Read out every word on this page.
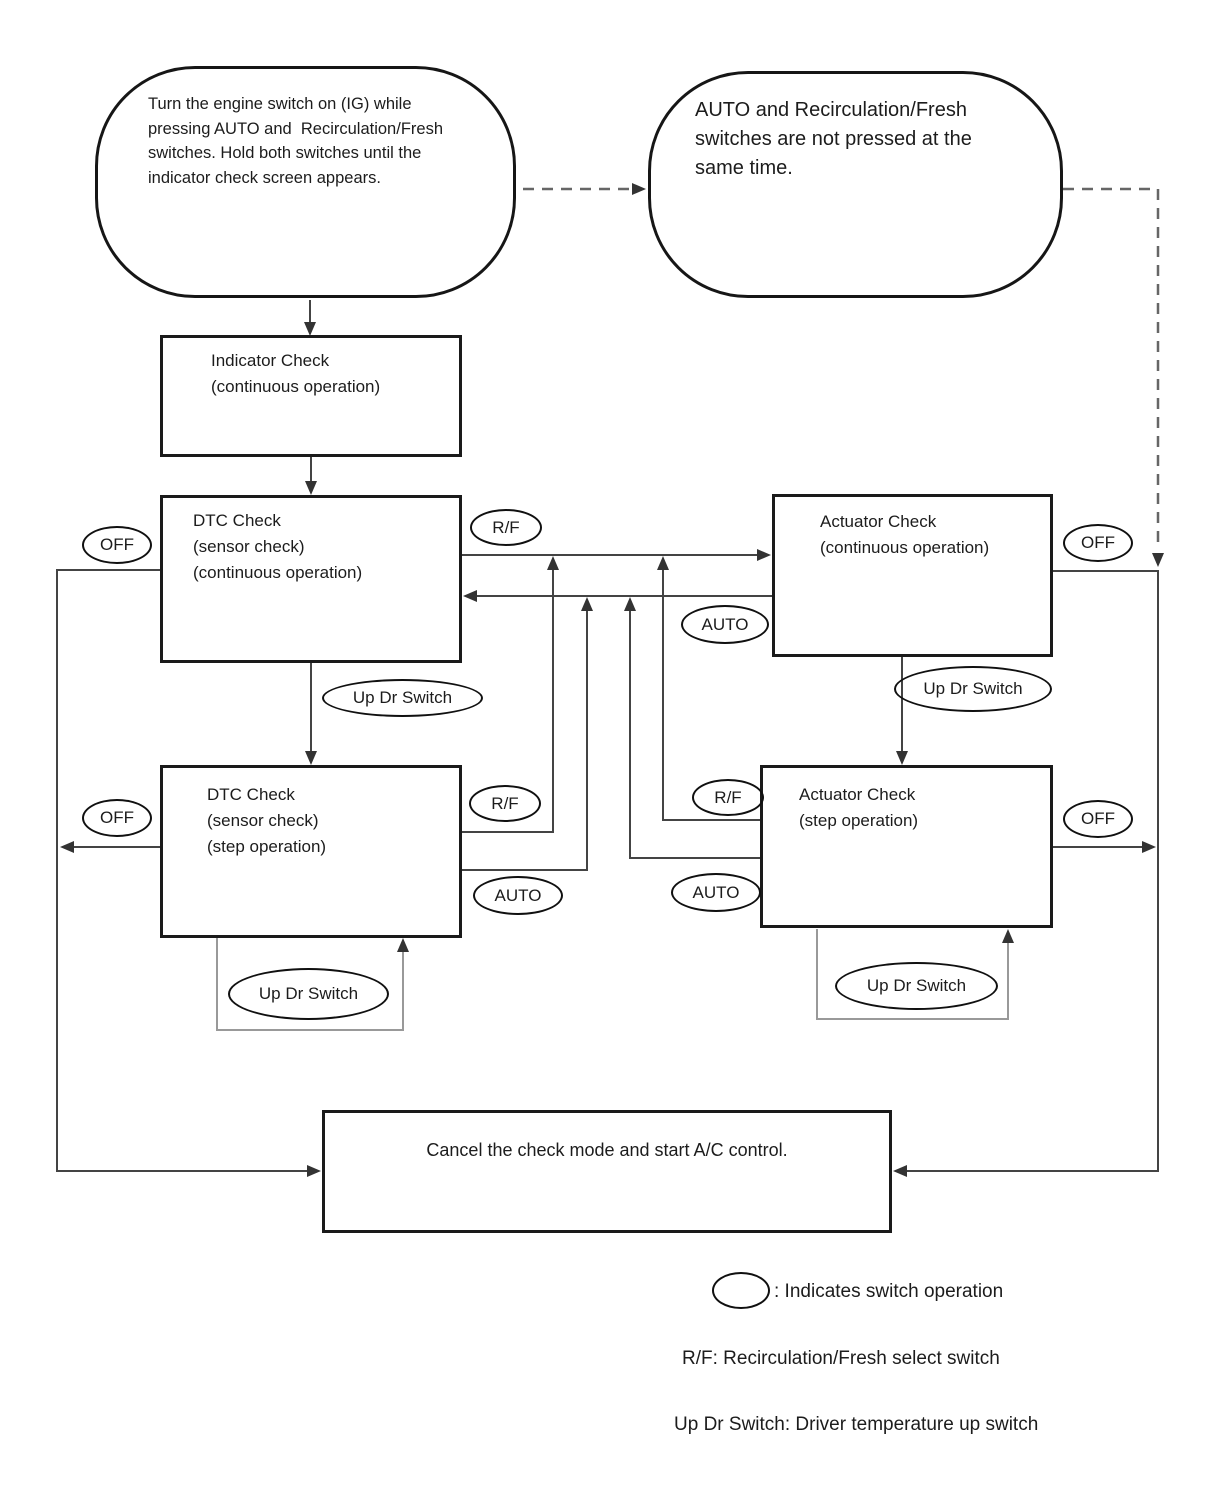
Turn the engine switch on (IG) while
pressing AUTO and  Recirculation/Fresh
switches. Hold both switches until the
indicator check screen appears.
AUTO and Recirculation/Fresh
switches are not pressed at the
same time.
Indicator Check
(continuous operation)
DTC Check
(sensor check)
(continuous operation)
Actuator Check
(continuous operation)
DTC Check
(sensor check)
(step operation)
Actuator Check
(step operation)
Cancel the check mode and start A/C control.
OFF	OFF
OFF	OFF
R/F
R/F	R/F
AUTO
AUTO	AUTO
Up Dr Switch	Up Dr Switch
Up Dr Switch	Up Dr Switch
: Indicates switch operation
R/F: Recirculation/Fresh select switch
Up Dr Switch: Driver temperature up switch
